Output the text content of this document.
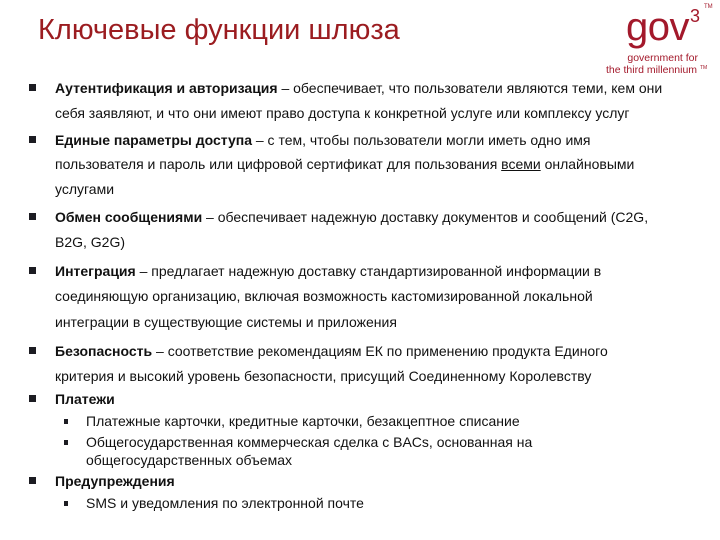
Ключевые функции шлюза	gov 3 TM
government for
the third millennium TM
Аутентификация и авторизация – обеспечивает, что пользователи являются теми, кем они
себя заявляют, и что они имеют право доступа к конкретной услуге или комплексу услуг
Единые параметры доступа – с тем, чтобы пользователи могли иметь одно имя
пользователя и пароль или цифровой сертификат для пользования всеми онлайновыми
услугами
Обмен сообщениями – обеспечивает надежную доставку документов и сообщений (C2G,
B2G, G2G)
Интеграция – предлагает надежную доставку стандартизированной информации в
соединяющую организацию, включая возможность кастомизированной локальной
интеграции в существующие системы и приложения
Безопасность – соответствие рекомендациям ЕК по применению продукта Единого
критерия и высокий уровень безопасности, присущий Соединенному Королевству
Платежи
Платежные карточки, кредитные карточки, безакцептное списание
Общегосударственная коммерческая сделка с BACs, основанная на
общегосударственных объемах
Предупреждения
SMS и уведомления по электронной почте
